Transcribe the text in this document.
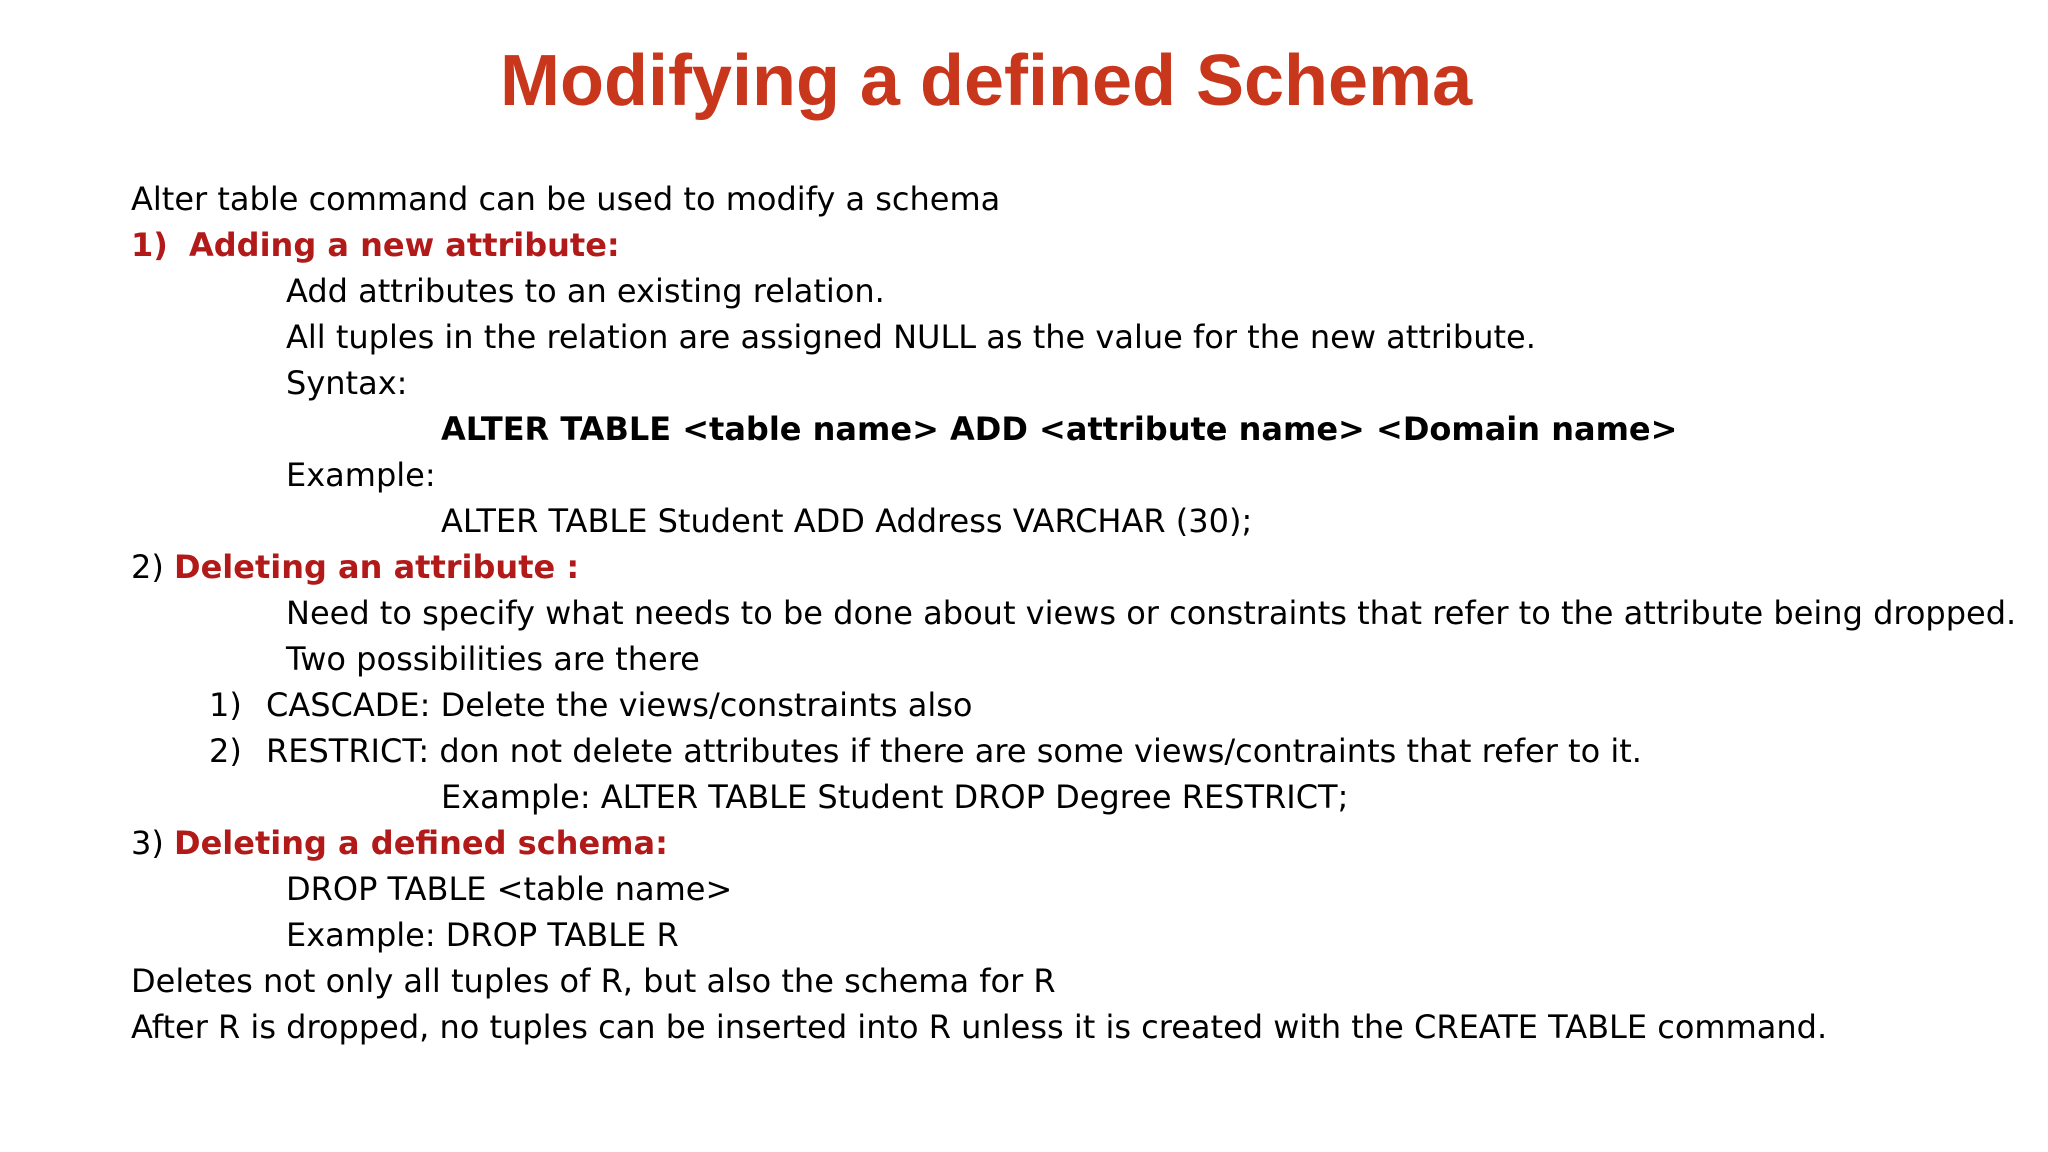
Modifying a defined Schema
Alter table command can be used to modify a schema
1) Adding a new attribute:
Add attributes to an existing relation.
All tuples in the relation are assigned NULL as the value for the new attribute.
Syntax:
ALTER TABLE <table name> ADD <attribute name> <Domain name>
Example:
ALTER TABLE Student ADD Address VARCHAR (30);
2) Deleting an attribute :
Need to specify what needs to be done about views or constraints that refer to the attribute being dropped.
Two possibilities are there
1) CASCADE: Delete the views/constraints also
2) RESTRICT: don not delete attributes if there are some views/contraints that refer to it.
Example: ALTER TABLE Student DROP Degree RESTRICT;
3) Deleting a defined schema:
DROP TABLE <table name>
Example: DROP TABLE R
Deletes not only all tuples of R, but also the schema for R
After R is dropped, no tuples can be inserted into R unless it is created with the CREATE TABLE command.
